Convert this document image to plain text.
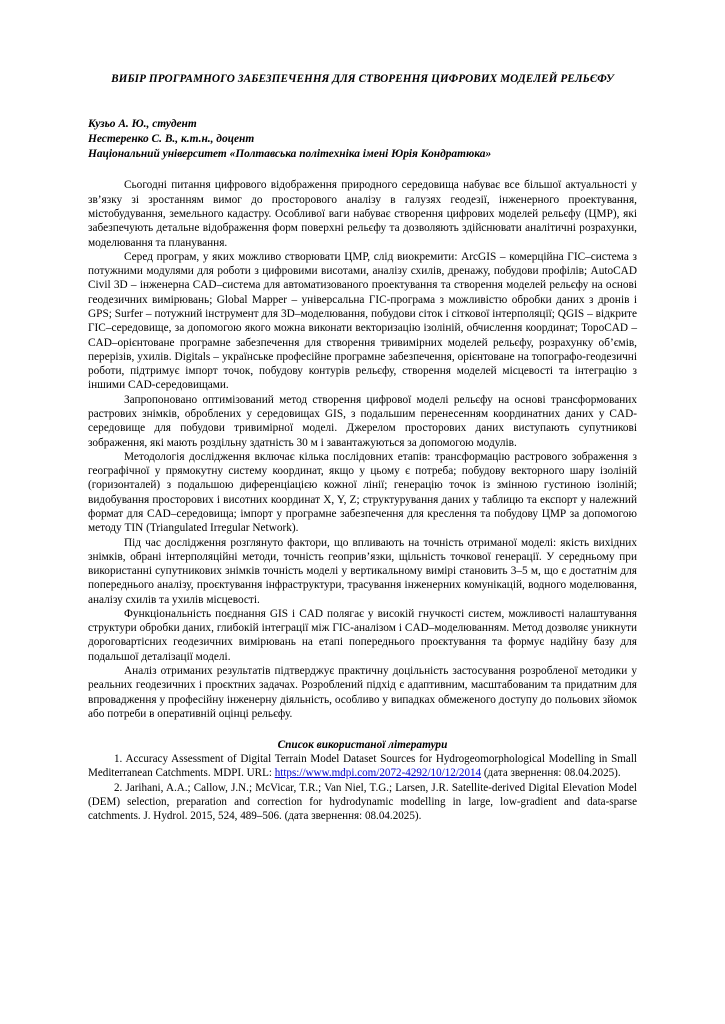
ВИБІР ПРОГРАМНОГО ЗАБЕЗПЕЧЕННЯ ДЛЯ СТВОРЕННЯ ЦИФРОВИХ МОДЕЛЕЙ РЕЛЬЄФУ
Кузьо А. Ю., студент
Нестеренко С. В., к.т.н., доцент
Національний університет «Полтавська політехніка імені Юрія Кондратюка»

Сьогодні питання цифрового відображення природного середовища набуває все більшої актуальності у зв’язку зі зростанням вимог до просторового аналізу в галузях геодезії, інженерного проектування, містобудування, земельного кадастру. Особливої ваги набуває створення цифрових моделей рельєфу (ЦМР), які забезпечують детальне відображення форм поверхні рельєфу та дозволяють здійснювати аналітичні розрахунки, моделювання та планування.

Серед програм, у яких можливо створювати ЦМР, слід виокремити: ArcGIS – комерційна ГІС–система з потужними модулями для роботи з цифровими висотами, аналізу схилів, дренажу, побудови профілів; AutoCAD Civil 3D – інженерна CAD–система для автоматизованого проектування та створення моделей рельєфу на основі геодезичних вимірювань; Global Mapper – універсальна ГІС-програма з можливістю обробки даних з дронів і GPS; Surfer – потужний інструмент для 3D–моделювання, побудови сіток і сіткової інтерполяції; QGIS – відкрите ГІС–середовище, за допомогою якого можна виконати векторизацію ізоліній, обчислення координат; TopoCAD – CAD–орієнтоване програмне забезпечення для створення тривимірних моделей рельєфу, розрахунку об’ємів, перерізів, ухилів. Digitals – українське професійне програмне забезпечення, орієнтоване на топографо-геодезичні роботи, підтримує імпорт точок, побудову контурів рельєфу, створення моделей місцевості та інтеграцію з іншими CAD-середовищами.

Запропоновано оптимізований метод створення цифрової моделі рельєфу на основі трансформованих растрових знімків, оброблених у середовищах GIS, з подальшим перенесенням координатних даних у CAD-середовище для побудови тривимірної моделі. Джерелом просторових даних виступають супутникові зображення, які мають роздільну здатність 30 м і завантажуються за допомогою модулів.

Методологія дослідження включає кілька послідовних етапів: трансформацію растрового зображення з географічної у прямокутну систему координат, якщо у цьому є потреба; побудову векторного шару ізоліній (горизонталей) з подальшою диференціацією кожної лінії; генерацію точок із змінною густиною ізоліній; видобування просторових і висотних координат X, Y, Z; структурування даних у таблицю та експорт у належний формат для CAD–середовища; імпорт у програмне забезпечення для креслення та побудову ЦМР за допомогою методу TIN (Triangulated Irregular Network).

Під час дослідження розглянуто фактори, що впливають на точність отриманої моделі: якість вихідних знімків, обрані інтерполяційні методи, точність геоприв’язки, щільність точкової генерації. У середньому при використанні супутникових знімків точність моделі у вертикальному вимірі становить 3–5 м, що є достатнім для попереднього аналізу, проєктування інфраструктури, трасування інженерних комунікацій, водного моделювання, аналізу схилів та ухилів місцевості.

Функціональність поєднання GIS і CAD полягає у високій гнучкості систем, можливості налаштування структури обробки даних, глибокій інтеграції між ГІС-аналізом і CAD–моделюванням. Метод дозволяє уникнути дороговартісних геодезичних вимірювань на етапі попереднього проєктування та формує надійну базу для подальшої деталізації моделі.

Аналіз отриманих результатів підтверджує практичну доцільність застосування розробленої методики у реальних геодезичних і проєктних задачах. Розроблений підхід є адаптивним, масштабованим та придатним для впровадження у професійну інженерну діяльність, особливо у випадках обмеженого доступу до польових зйомок або потреби в оперативній оцінці рельєфу.

Список використаної літератури

1. Accuracy Assessment of Digital Terrain Model Dataset Sources for Hydrogeomorphological Modelling in Small Mediterranean Catchments. MDPI. URL: https://www.mdpi.com/2072-4292/10/12/2014 (дата звернення: 08.04.2025).

2. Jarihani, A.A.; Callow, J.N.; McVicar, T.R.; Van Niel, T.G.; Larsen, J.R. Satellite-derived Digital Elevation Model (DEM) selection, preparation and correction for hydrodynamic modelling in large, low-gradient and data-sparse catchments. J. Hydrol. 2015, 524, 489–506. (дата звернення: 08.04.2025).
